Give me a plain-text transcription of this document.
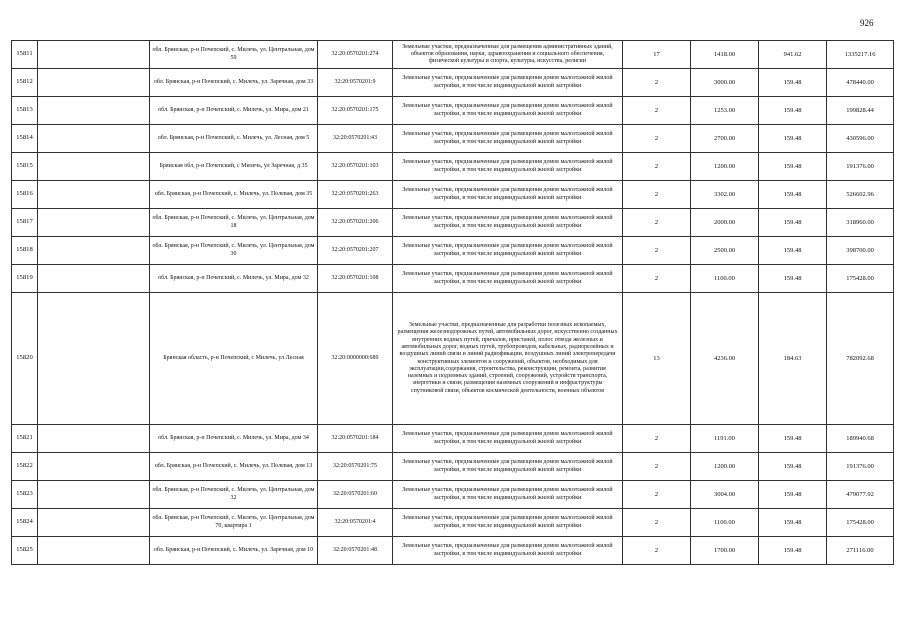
926
15811		обл. Брянская, р-н Почепский, с. Милечь, ул. Центральная, дом 59	32:20:0570201:274	Земельные участки, предназначенные для размещения административных зданий, объектов образования, науки, здравоохранения и социального обеспечения, физической культуры и спорта, культуры, искусства, религии	17	1418.00	941.62	1335217.16
15812		обл. Брянская, р-н Почепский, с. Милечь, ул. Заречная, дом 33	32:20:0570201:9	Земельные участки, предназначенные для размещения домов малоэтажной жилой застройки, в том числе индивидуальной жилой застройки	2	3000.00	159.48	478440.00
15813		обл. Брянская, р-н Почепский, с. Милечь, ул. Мира, дом 21	32:20:0570201:175	Земельные участки, предназначенные для размещения домов малоэтажной жилой застройки, в том числе индивидуальной жилой застройки	2	1253.00	159.48	199828.44
15814		обл. Брянская, р-н Почепский, с. Милечь, ул. Лесная, дом 5	32:20:0570201:43	Земельные участки, предназначенные для размещения домов малоэтажной жилой застройки, в том числе индивидуальной жилой застройки	2	2700.00	159.48	430596.00
15815		Брянская обл, р-н Почепский, с Милечь, ул Заречная, д 35	32:20:0570201:103	Земельные участки, предназначенные для размещения домов малоэтажной жилой застройки, в том числе индивидуальной жилой застройки	2	1200.00	159.48	191376.00
15816		обл. Брянская, р-н Почепский, с. Милечь, ул. Полевая, дом 35	32:20:0570201:263	Земельные участки, предназначенные для размещения домов малоэтажной жилой застройки, в том числе индивидуальной жилой застройки	2	3302.00	159.48	526602.96
15817		обл. Брянская, р-н Почепский, с. Милечь, ул. Центральная, дом 18	32:20:0570201:206	Земельные участки, предназначенные для размещения домов малоэтажной жилой застройки, в том числе индивидуальной жилой застройки	2	2000.00	159.48	318960.00
15818		обл. Брянская, р-н Почепский, с. Милечь, ул. Центральная, дом 30	32:20:0570201:207	Земельные участки, предназначенные для размещения домов малоэтажной жилой застройки, в том числе индивидуальной жилой застройки	2	2500.00	159.48	398700.00
15819		обл. Брянская, р-н Почепский, с. Милечь, ул. Мира, дом 32	32:20:0570201:108	Земельные участки, предназначенные для размещения домов малоэтажной жилой застройки, в том числе индивидуальной жилой застройки	2	1100.00	159.48	175428.00
15820		Брянская область, р-н Почепский, с Милечь, ул Лесная	32:20:0000000:689	Земельные участки, предназначенные для разработки полезных ископаемых, размещения железнодорожных путей, автомобильных дорог, искусственно созданных внутренних водных путей, причалов, пристаней, полос отвода железных и автомобильных дорог, водных путей, трубопроводов, кабельных, радиорелейных и воздушных линий связи и линий радиофикации, воздушных линий электропередачи конструктивных элементов и сооружений, объектов, необходимых для эксплуатации,содержания, строительства, реконструкции, ремонта, развития наземных и подземных зданий, строений, сооружений, устройств транспорта, энергетики и связи; размещения наземных сооружений и инфраструктуры спутниковой связи, объектов космической деятельности, военных объектов	13	4236.00	184.63	782092.68
15821		обл. Брянская, р-н Почепский, с. Милечь, ул. Мира, дом 34	32:20:0570201:184	Земельные участки, предназначенные для размещения домов малоэтажной жилой застройки, в том числе индивидуальной жилой застройки	2	1191.00	159.48	189940.68
15822		обл. Брянская, р-н Почепский, с. Милечь, ул. Полевая, дом 13	32:20:0570201:75	Земельные участки, предназначенные для размещения домов малоэтажной жилой застройки, в том числе индивидуальной жилой застройки	2	1200.00	159.48	191376.00
15823		обл. Брянская, р-н Почепский, с. Милечь, ул. Центральная, дом 32	32:20:0570201:60	Земельные участки, предназначенные для размещения домов малоэтажной жилой застройки, в том числе индивидуальной жилой застройки	2	3004.00	159.48	479077.92
15824		обл. Брянская, р-н Почепский, с. Милечь, ул. Центральная, дом 70, квартира 1	32:20:0570201:4	Земельные участки, предназначенные для размещения домов малоэтажной жилой застройки, в том числе индивидуальной жилой застройки	2	1100.00	159.48	175428.00
15825		обл. Брянская, р-н Почепский, с. Милечь, ул. Заречная, дом 10	32:20:0570201:48	Земельные участки, предназначенные для размещения домов малоэтажной жилой застройки, в том числе индивидуальной жилой застройки	2	1700.00	159.48	271116.00
